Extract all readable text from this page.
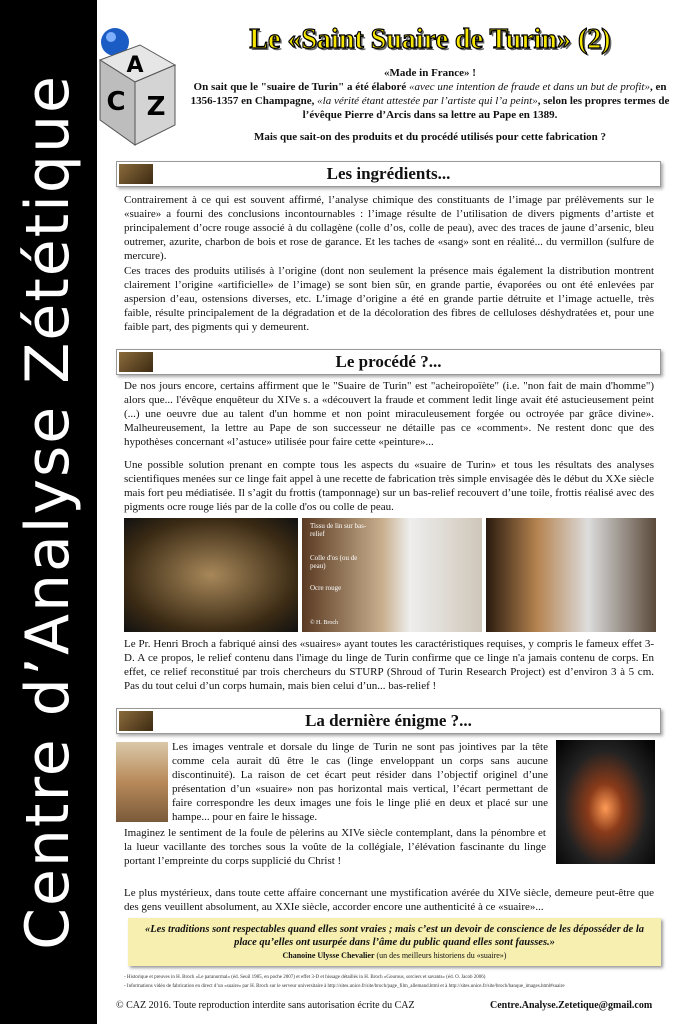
Centre d’Analyse Zététique
A
C Z
Le «Saint Suaire de Turin» (2)
«Made in France» !
On sait que le "suaire de Turin" a été élaboré «avec une intention de fraude et dans un but de profit», en 1356-1357 en Champagne, «la vérité étant attestée par l’artiste qui l’a peint», selon les propres termes de l’évêque Pierre d’Arcis dans sa lettre au Pape en 1389.
Mais que sait-on des produits et du procédé utilisés pour cette fabrication ?
Les ingrédients...
Contrairement à ce qui est souvent affirmé, l’analyse chimique des constituants de l’image par prélèvements sur le «suaire» a fourni des conclusions incontournables : l’image résulte de l’utilisation de divers pigments d’artiste et principalement d’ocre rouge associé à du collagène (colle d’os, colle de peau), avec des traces de jaune d’arsenic, bleu outremer, azurite, charbon de bois et rose de garance. Et les taches de «sang» sont en réalité... du vermillon (sulfure de mercure).
Ces traces des produits utilisés à l’origine (dont non seulement la présence mais également la distribution montrent clairement l’origine «artificielle» de l’image) se sont bien sûr, en grande partie, évaporées ou ont été enlevées par aspersion d’eau, ostensions diverses, etc. L’image d’origine a été en grande partie détruite et l’image actuelle, très faible, résulte principalement de la dégradation et de la décoloration des fibres de celluloses déshydratées et, pour une faible part, des pigments qui y demeurent.
Le procédé ?...
De nos jours encore, certains affirment que le "Suaire de Turin" est "acheiropoïète" (i.e. "non fait de main d'homme") alors que... l'évêque enquêteur du XIVe s. a «découvert la fraude et comment ledit linge avait été astucieusement peint (...) une oeuvre due au talent d'un homme et non point miraculeusement forgée ou octroyée par grâce divine». Malheureusement, la lettre au Pape de son successeur ne détaille pas ce «comment». Ne restent donc que des hypothèses concernant «l’astuce» utilisée pour faire cette «peinture»...
Une possible solution prenant en compte tous les aspects du «suaire de Turin» et tous les résultats des analyses scientifiques menées sur ce linge fait appel à une recette de fabrication très simple envisagée dès le début du XXe siècle mais fort peu médiatisée. Il s’agit du frottis (tamponnage) sur un bas-relief recouvert d’une toile, frottis réalisé avec des pigments ocre rouge liés par de la colle d'os ou colle de peau.
Tissu de lin sur bas-relief
Colle d'os (ou de peau)
Ocre rouge
© H. Broch
Le Pr. Henri Broch a fabriqué ainsi des «suaires» ayant toutes les caractéristiques requises, y compris le fameux effet 3-D. A ce propos, le relief contenu dans l'image du linge de Turin confirme que ce linge n'a jamais contenu de corps. En effet, ce relief reconstitué par trois chercheurs du STURP (Shroud of Turin Research Project) est d’environ 3 à 5 cm. Pas du tout celui d’un corps humain, mais bien celui d’un... bas-relief !
La dernière énigme ?...
Les images ventrale et dorsale du linge de Turin ne sont pas jointives par la tête comme cela aurait dû être le cas (linge enveloppant un corps sans aucune discontinuité). La raison de cet écart peut résider dans l’objectif originel d’une présentation d’un «suaire» non pas horizontal mais vertical, l’écart permettant de faire correspondre les deux images une fois le linge plié en deux et placé sur une hampe... pour en faire le hissage.
Imaginez le sentiment de la foule de pèlerins au XIVe siècle contemplant, dans la pénombre et la lueur vacillante des torches sous la voûte de la collégiale, l’élévation fascinante du linge portant l’empreinte du corps supplicié du Christ !
Le plus mystérieux, dans toute cette affaire concernant une mystification avérée du XIVe siècle, demeure peut-être que des gens veuillent absolument, au XXIe siècle, accorder encore une authenticité à ce «suaire»...
«Les traditions sont respectables quand elles sont vraies ; mais c’est un devoir de conscience de les déposséder de la place qu’elles ont usurpée dans l’âme du public quand elles sont fausses.»
Chanoine Ulysse Chevalier (un des meilleurs historiens du «suaire»)
- Historique et preuves in H. Broch «Le paranormal» (éd. Seuil 1985, en poche 2007) et effet 3-D et hissage détaillés in H. Broch «Gourous, sorciers et savants» (éd. O. Jacob 2006)
- Informations vidéo de fabrication en direct d’un «suaire» par H. Broch sur le serveur universitaire à http://sites.unice.fr/site/broch/page_film_allemand.html et à http://sites.unice.fr/site/broch/banque_images.html#suaire
© CAZ 2016. Toute reproduction interdite sans autorisation écrite du CAZ	Centre.Analyse.Zetetique@gmail.com
